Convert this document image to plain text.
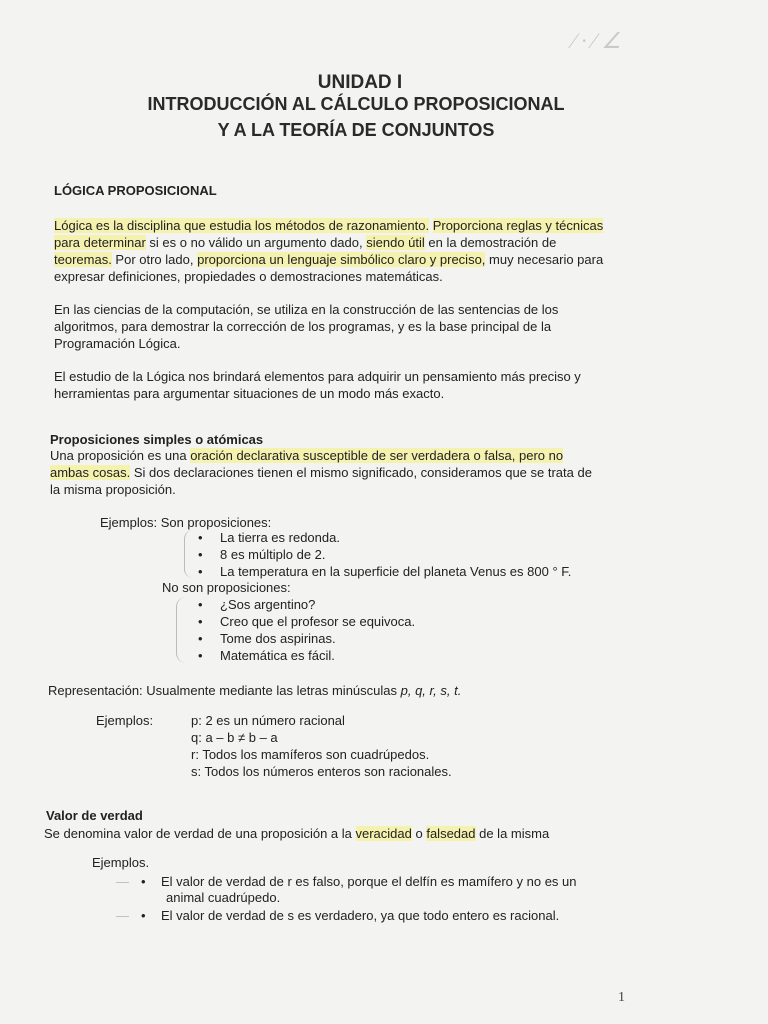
⁄ · ⁄ ∠
UNIDAD I
INTRODUCCIÓN AL CÁLCULO PROPOSICIONAL
Y A LA TEORÍA DE CONJUNTOS
LÓGICA PROPOSICIONAL
Lógica es la disciplina que estudia los métodos de razonamiento. Proporciona reglas y técnicas
para determinar si es o no válido un argumento dado, siendo útil en la demostración de
teoremas. Por otro lado, proporciona un lenguaje simbólico claro y preciso, muy necesario para
expresar definiciones, propiedades o demostraciones matemáticas.
En las ciencias de la computación, se utiliza en la construcción de las sentencias de los
algoritmos, para demostrar la corrección de los programas, y es la base principal de la
Programación Lógica.
El estudio de la Lógica nos brindará elementos para adquirir un pensamiento más preciso y
herramientas para argumentar situaciones de un modo más exacto.
Proposiciones simples o atómicas
Una proposición es una oración declarativa susceptible de ser verdadera o falsa, pero no
ambas cosas. Si dos declaraciones tienen el mismo significado, consideramos que se trata de
la misma proposición.
Ejemplos: Son proposiciones:
• La tierra es redonda.
• 8 es múltiplo de 2.
• La temperatura en la superficie del planeta Venus es 800 ° F.
No son proposiciones:
• ¿Sos argentino?
• Creo que el profesor se equivoca.
• Tome dos aspirinas.
• Matemática es fácil.
Representación: Usualmente mediante las letras minúsculas p, q, r, s, t.
Ejemplos:	p: 2 es un número racional
q: a – b ≠ b – a
r: Todos los mamíferos son cuadrúpedos.
s: Todos los números enteros son racionales.
Valor de verdad
Se denomina valor de verdad de una proposición a la veracidad o falsedad de la misma
Ejemplos.
— • El valor de verdad de r es falso, porque el delfín es mamífero y no es un
animal cuadrúpedo.
— • El valor de verdad de s es verdadero, ya que todo entero es racional.
1
